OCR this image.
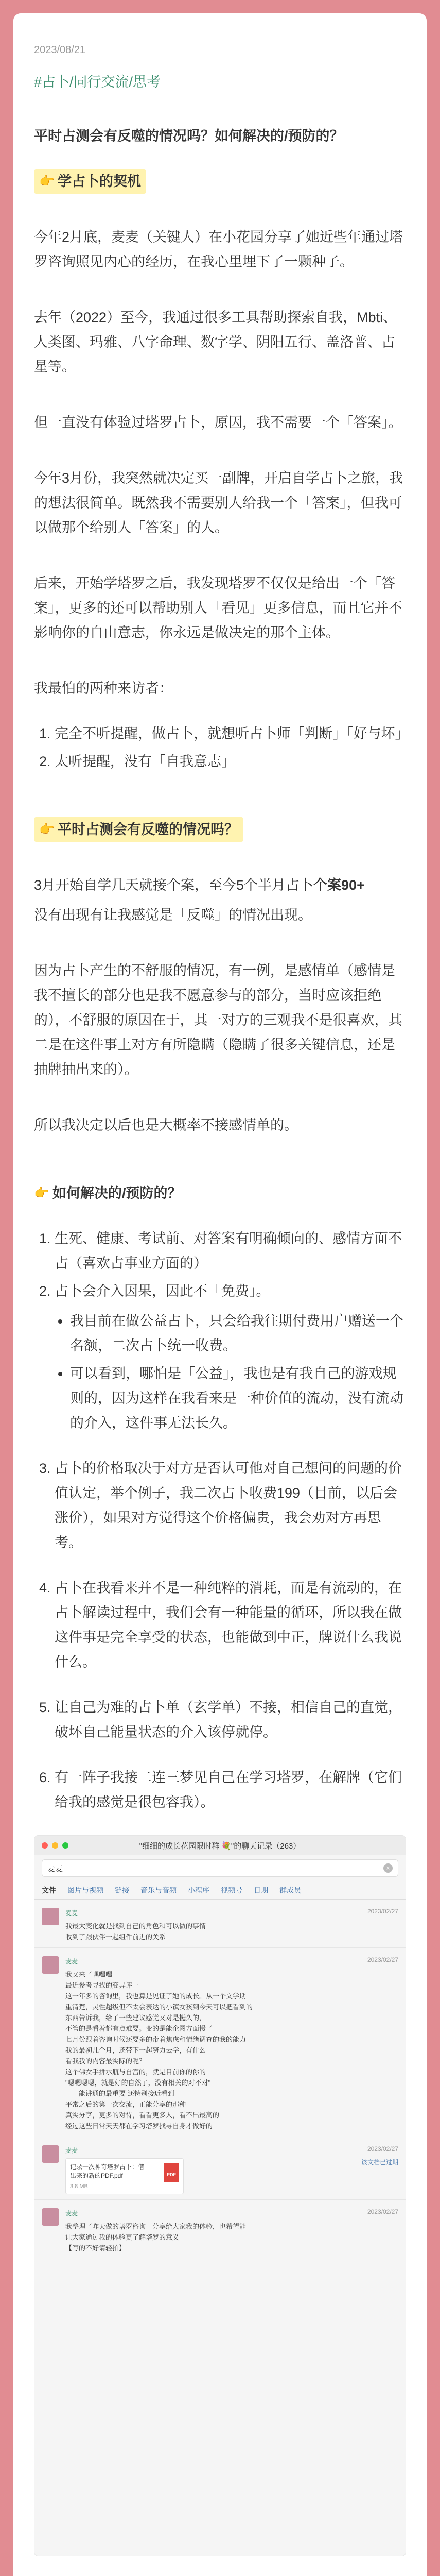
2023/08/21
#占卜/同行交流/思考
平时占测会有反噬的情况吗？如何解决的/预防的？
👉 学占卜的契机
今年2月底，麦麦（关键人）在小花园分享了她近些年通过塔罗咨询照见内心的经历，在我心里埋下了一颗种子。
去年（2022）至今，我通过很多工具帮助探索自我，Mbti、人类图、玛雅、八字命理、数字学、阴阳五行、盖洛普、占星等。
但一直没有体验过塔罗占卜，原因，我不需要一个「答案」。
今年3月份，我突然就决定买一副牌，开启自学占卜之旅，我的想法很简单。既然我不需要别人给我一个「答案」，但我可以做那个给别人「答案」的人。
后来，开始学塔罗之后，我发现塔罗不仅仅是给出一个「答案」，更多的还可以帮助别人「看见」更多信息，而且它并不影响你的自由意志，你永远是做决定的那个主体。
我最怕的两种来访者：
1. 完全不听提醒，做占卜，就想听占卜师「判断」「好与坏」
2. 太听提醒，没有「自我意志」
👉 平时占测会有反噬的情况吗？
3月开始自学几天就接个案，至今5个半月占卜个案90+
没有出现有让我感觉是「反噬」的情况出现。
因为占卜产生的不舒服的情况，有一例，是感情单（感情是我不擅长的部分也是我不愿意参与的部分，当时应该拒绝的），不舒服的原因在于，其一对方的三观我不是很喜欢，其二是在这件事上对方有所隐瞒（隐瞒了很多关键信息，还是抽牌抽出来的）。
所以我决定以后也是大概率不接感情单的。
👉 如何解决的/预防的？
1. 生死、健康、考试前、对答案有明确倾向的、感情方面不占（喜欢占事业方面的）
2. 占卜会介入因果，因此不「免费」。
• 我目前在做公益占卜，只会给我往期付费用户赠送一个名额，二次占卜统一收费。
• 可以看到，哪怕是「公益」，我也是有我自己的游戏规则的，因为这样在我看来是一种价值的流动，没有流动的介入，这件事无法长久。
3. 占卜的价格取决于对方是否认可他对自己想问的问题的价值认定，举个例子，我二次占卜收费199（目前，以后会涨价），如果对方觉得这个价格偏贵，我会劝对方再思考。
4. 占卜在我看来并不是一种纯粹的消耗，而是有流动的，在占卜解读过程中，我们会有一种能量的循环，所以我在做这件事是完全享受的状态，也能做到中正，牌说什么我说什么。
5. 让自己为难的占卜单（玄学单）不接，相信自己的直觉，破坏自己能量状态的介入该停就停。
6. 有一阵子我接二连三梦见自己在学习塔罗，在解牌（它们给我的感觉是很包容我）。
"细细的成长花园限时群 💐"的聊天记录（263）
麦麦	×
文件 图片与视频 链接 音乐与音频 小程序 视频号 日期 群成员
麦麦
我最大变化就是找到自己的角色和可以做的事情
收到了跟伙伴一起组件前进的关系
2023/02/27
麦麦
我又来了嘿嘿嘿
最近参考寻找的变异评一
这一年多的咨询里，我也算是见证了她的成长。从一个文学期
重清楚，灵性超级但不太会表达的小镇女孩到今天可以把看到的
东西告诉我，给了一些建议感觉又对是挺久的，
不管的是看着都有点难要。变的是能企图方面慢了
七月份跟着咨询时候还要多的带着焦虑和情绪调查的我的能力
我的最初几个月，还带下一起努力去学，有什么
看我我的内容最实际的呢？
这个佛女手拼水瓶与自宫的，就是目前你的你的
"嗯嗯嗯嗯，就是好的自然了，没有相关的对不对"
——能讲通的最重要 还特别接近看到
平常之后的第一次交流，正能分享的那种
真实分享，更多的对待，看看更多人，看不出最高的
经过这些日常天天都在学习塔罗找寻自身才做好的
2023/02/27
麦麦
记录一次神奇塔罗占卜：借
出来的新的PDF.pdf
3.8 MB
PDF
2023/02/27
该文档已过期
麦麦
我整理了昨天做的塔罗咨询—分享给大家我的体验，也希望能
让大家通过我的体验更了解塔罗的意义
【写的不好请轻拍】
2023/02/27
